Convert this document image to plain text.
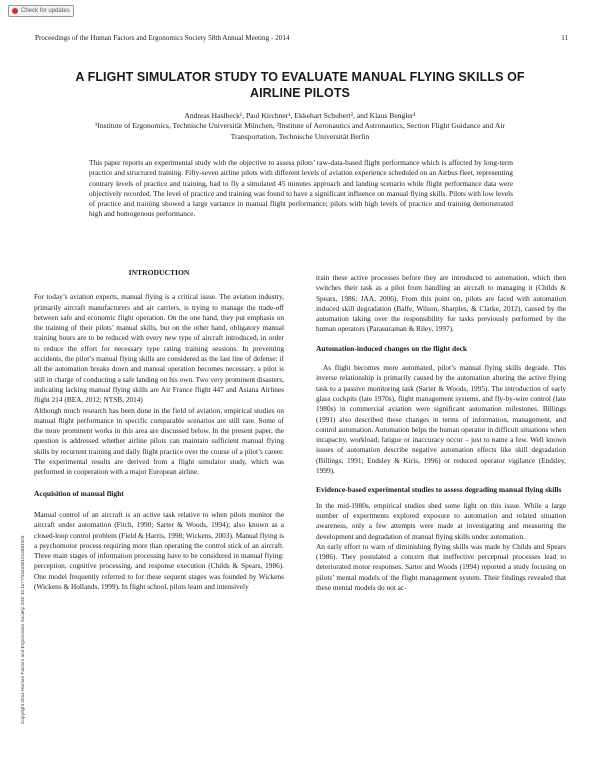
Check for updates
Proceedings of the Human Factors and Ergonomics Society 58th Annual Meeting - 2014	11
A FLIGHT SIMULATOR STUDY TO EVALUATE MANUAL FLYING SKILLS OF AIRLINE PILOTS
Andreas Haslbeck¹, Paul Kirchner¹, Ekkehart Schubert², and Klaus Bengler¹
¹Institute of Ergonomics, Technische Universität München, ²Institute of Aeronautics and Astronautics, Section Flight Guidance and Air Transportation, Technische Universität Berlin
This paper reports an experimental study with the objective to assess pilots’ raw-data-based flight performance which is affected by long-term practice and structured training. Fifty-seven airline pilots with different levels of aviation experience scheduled on an Airbus fleet, representing contrary levels of practice and training, had to fly a simulated 45 minutes approach and landing scenario while flight performance data were objectively recorded. The level of practice and training was found to have a significant influence on manual flying skills. Pilots with low levels of practice and training showed a large variance in manual flight performance; pilots with high levels of practice and training demonstrated high and homogenous performance.
INTRODUCTION

For today’s aviation experts, manual flying is a critical issue. The aviation industry, primarily aircraft manufacturers and air carriers, is trying to manage the trade-off between safe and economic flight operation. On the one hand, they put emphasis on the training of their pilots’ manual skills, but on the other hand, obligatory manual training hours are to be reduced with every new type of aircraft introduced, in order to reduce the effort for necessary type rating training sessions. In preventing accidents, the pilot’s manual flying skills are considered as the last line of defense: if all the automation breaks down and manual operation becomes necessary, a pilot is still in charge of conducting a safe landing on his own. Two very prominent disasters, indicating lacking manual flying skills are Air France flight 447 and Asiana Airlines flight 214 (BEA, 2012; NTSB, 2014)

Although much research has been done in the field of aviation, empirical studies on manual flight performance in specific comparable scenarios are still rare. Some of the more prominent works in this area are discussed below. In the present paper, the question is addressed whether airline pilots can maintain sufficient manual flying skills by recurrent training and daily flight practice over the course of a pilot’s career. The experimental results are derived from a flight simulator study, which was performed in cooperation with a major European airline.

Acquisition of manual flight

Manual control of an aircraft is an active task relative to when pilots monitor the aircraft under automation (Fitch, 1990; Sarter & Woods, 1994); also known as a closed-loop control problem (Field & Harris, 1998; Wickens, 2003). Manual flying is a psychomotor process requiring more than operating the control stick of an aircraft. Three main stages of information processing have to be considered in manual flying: perception, cognitive processing, and response execution (Childs & Spears, 1986). One model frequently referred to for these sequent stages was founded by Wickens (Wickens & Hollands, 1999). In flight school, pilots learn and intensively

train these active processes before they are introduced to automation, which then switches their task as a pilot from handling an aircraft to managing it (Childs & Spears, 1986; JAA, 2006). From this point on, pilots are faced with automation induced skill degradation (Balfe, Wilson, Sharples, & Clarke, 2012), caused by the automation taking over the responsibility for tasks previously performed by the human operators (Parasuraman & Riley, 1997).

Automation-induced changes on the flight deck

As flight becomes more automated, pilot’s manual flying skills degrade. This inverse relationship is primarily caused by the automation altering the active flying task to a passive monitoring task (Sarter & Woods, 1995). The introduction of early glass cockpits (late 1970s), flight management systems, and fly-by-wire control (late 1980s) in commercial aviation were significant automation milestones. Billings (1991) also described these changes in terms of information, management, and control automation. Automation helps the human operator in difficult situations when incapacity, workload, fatigue or inaccuracy occur – just to name a few. Well known issues of automation describe negative automation effects like skill degradation (Billings, 1991; Endsley & Kiris, 1996) or reduced operator vigilance (Endsley, 1999).

Evidence-based experimental studies to assess degrading manual flying skills

In the mid-1980s, empirical studies shed some light on this issue. While a large number of experiments explored exposure to automation and related situation awareness, only a few attempts were made at investigating and measuring the development and degradation of manual flying skills under automation.

An early effort to warn of diminishing flying skills was made by Childs and Spears (1986). They postulated a concern that ineffective perceptual processes lead to deteriorated motor responses. Sarter and Woods (1994) reported a study focusing on pilots’ mental models of the flight management system. Their findings revealed that these mental models do not ac-

Copyright 2014 Human Factors and Ergonomics Society. DOI 10.1177/1541931214581003
